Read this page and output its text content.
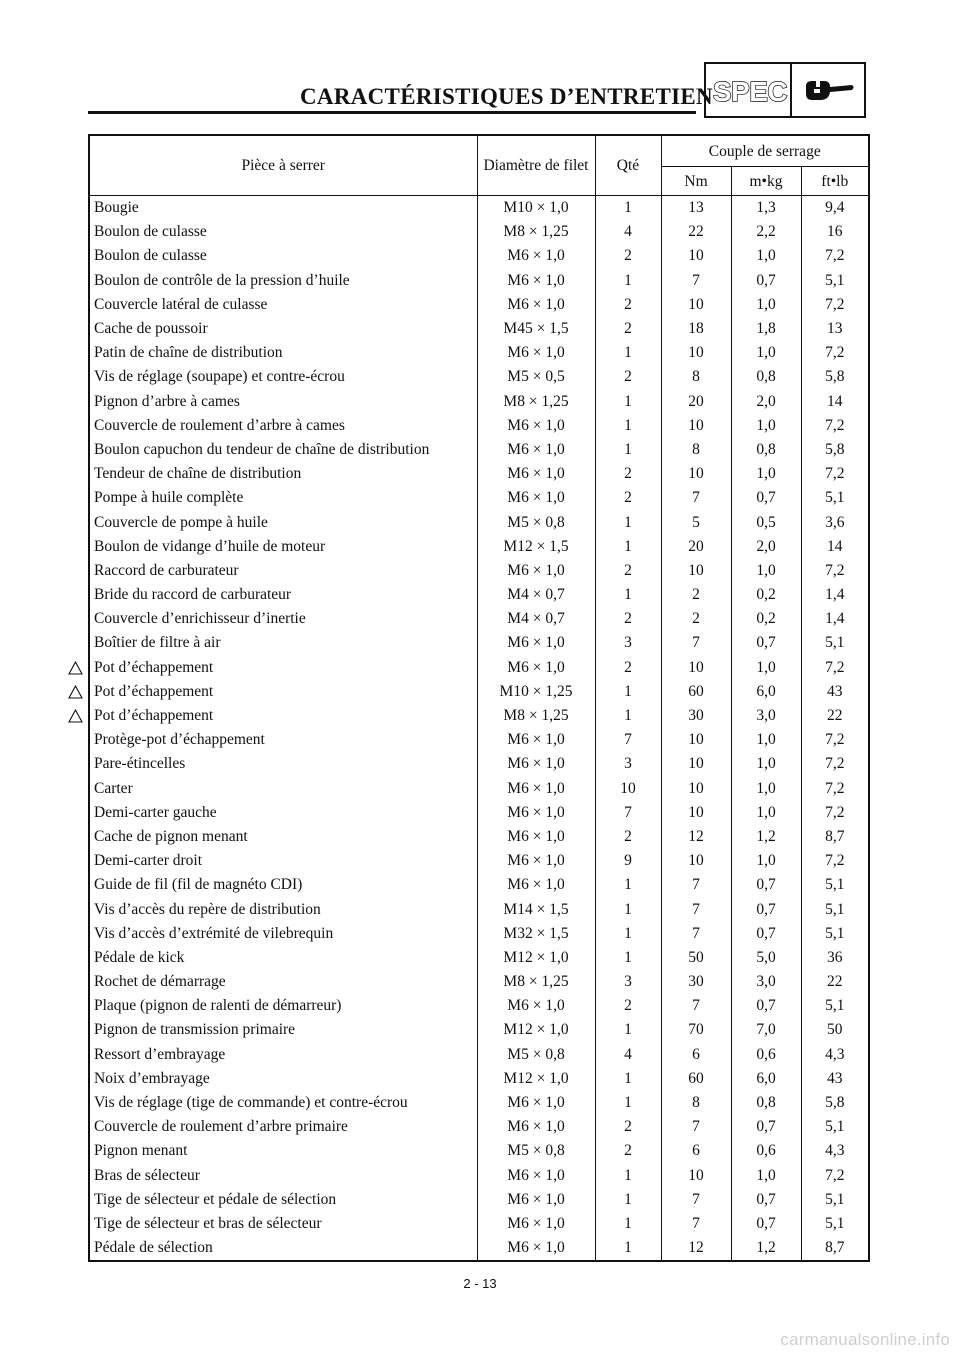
CARACTÉRISTIQUES D’ENTRETIEN SPEC
Pièce à serrer	Diamètre de filet	Qté	Couple de serrage		
			Nm	m•kg	ft•lb
Bougie	M10 × 1,0	1	13	1,3	9,4
Boulon de culasse	M8 × 1,25	4	22	2,2	16
Boulon de culasse	M6 × 1,0	2	10	1,0	7,2
Boulon de contrôle de la pression d’huile	M6 × 1,0	1	7	0,7	5,1
Couvercle latéral de culasse	M6 × 1,0	2	10	1,0	7,2
Cache de poussoir	M45 × 1,5	2	18	1,8	13
Patin de chaîne de distribution	M6 × 1,0	1	10	1,0	7,2
Vis de réglage (soupape) et contre-écrou	M5 × 0,5	2	8	0,8	5,8
Pignon d’arbre à cames	M8 × 1,25	1	20	2,0	14
Couvercle de roulement d’arbre à cames	M6 × 1,0	1	10	1,0	7,2
Boulon capuchon du tendeur de chaîne de distribution	M6 × 1,0	1	8	0,8	5,8
Tendeur de chaîne de distribution	M6 × 1,0	2	10	1,0	7,2
Pompe à huile complète	M6 × 1,0	2	7	0,7	5,1
Couvercle de pompe à huile	M5 × 0,8	1	5	0,5	3,6
Boulon de vidange d’huile de moteur	M12 × 1,5	1	20	2,0	14
Raccord de carburateur	M6 × 1,0	2	10	1,0	7,2
Bride du raccord de carburateur	M4 × 0,7	1	2	0,2	1,4
Couvercle d’enrichisseur d’inertie	M4 × 0,7	2	2	0,2	1,4
Boîtier de filtre à air	M6 × 1,0	3	7	0,7	5,1
Pot d’échappement	M6 × 1,0	2	10	1,0	7,2
Pot d’échappement	M10 × 1,25	1	60	6,0	43
Pot d’échappement	M8 × 1,25	1	30	3,0	22
Protège-pot d’échappement	M6 × 1,0	7	10	1,0	7,2
Pare-étincelles	M6 × 1,0	3	10	1,0	7,2
Carter	M6 × 1,0	10	10	1,0	7,2
Demi-carter gauche	M6 × 1,0	7	10	1,0	7,2
Cache de pignon menant	M6 × 1,0	2	12	1,2	8,7
Demi-carter droit	M6 × 1,0	9	10	1,0	7,2
Guide de fil (fil de magnéto CDI)	M6 × 1,0	1	7	0,7	5,1
Vis d’accès du repère de distribution	M14 × 1,5	1	7	0,7	5,1
Vis d’accès d’extrémité de vilebrequin	M32 × 1,5	1	7	0,7	5,1
Pédale de kick	M12 × 1,0	1	50	5,0	36
Rochet de démarrage	M8 × 1,25	3	30	3,0	22
Plaque (pignon de ralenti de démarreur)	M6 × 1,0	2	7	0,7	5,1
Pignon de transmission primaire	M12 × 1,0	1	70	7,0	50
Ressort d’embrayage	M5 × 0,8	4	6	0,6	4,3
Noix d’embrayage	M12 × 1,0	1	60	6,0	43
Vis de réglage (tige de commande) et contre-écrou	M6 × 1,0	1	8	0,8	5,8
Couvercle de roulement d’arbre primaire	M6 × 1,0	2	7	0,7	5,1
Pignon menant	M5 × 0,8	2	6	0,6	4,3
Bras de sélecteur	M6 × 1,0	1	10	1,0	7,2
Tige de sélecteur et pédale de sélection	M6 × 1,0	1	7	0,7	5,1
Tige de sélecteur et bras de sélecteur	M6 × 1,0	1	7	0,7	5,1
Pédale de sélection	M6 × 1,0	1	12	1,2	8,7
2 - 13
carmanualsonline.info
